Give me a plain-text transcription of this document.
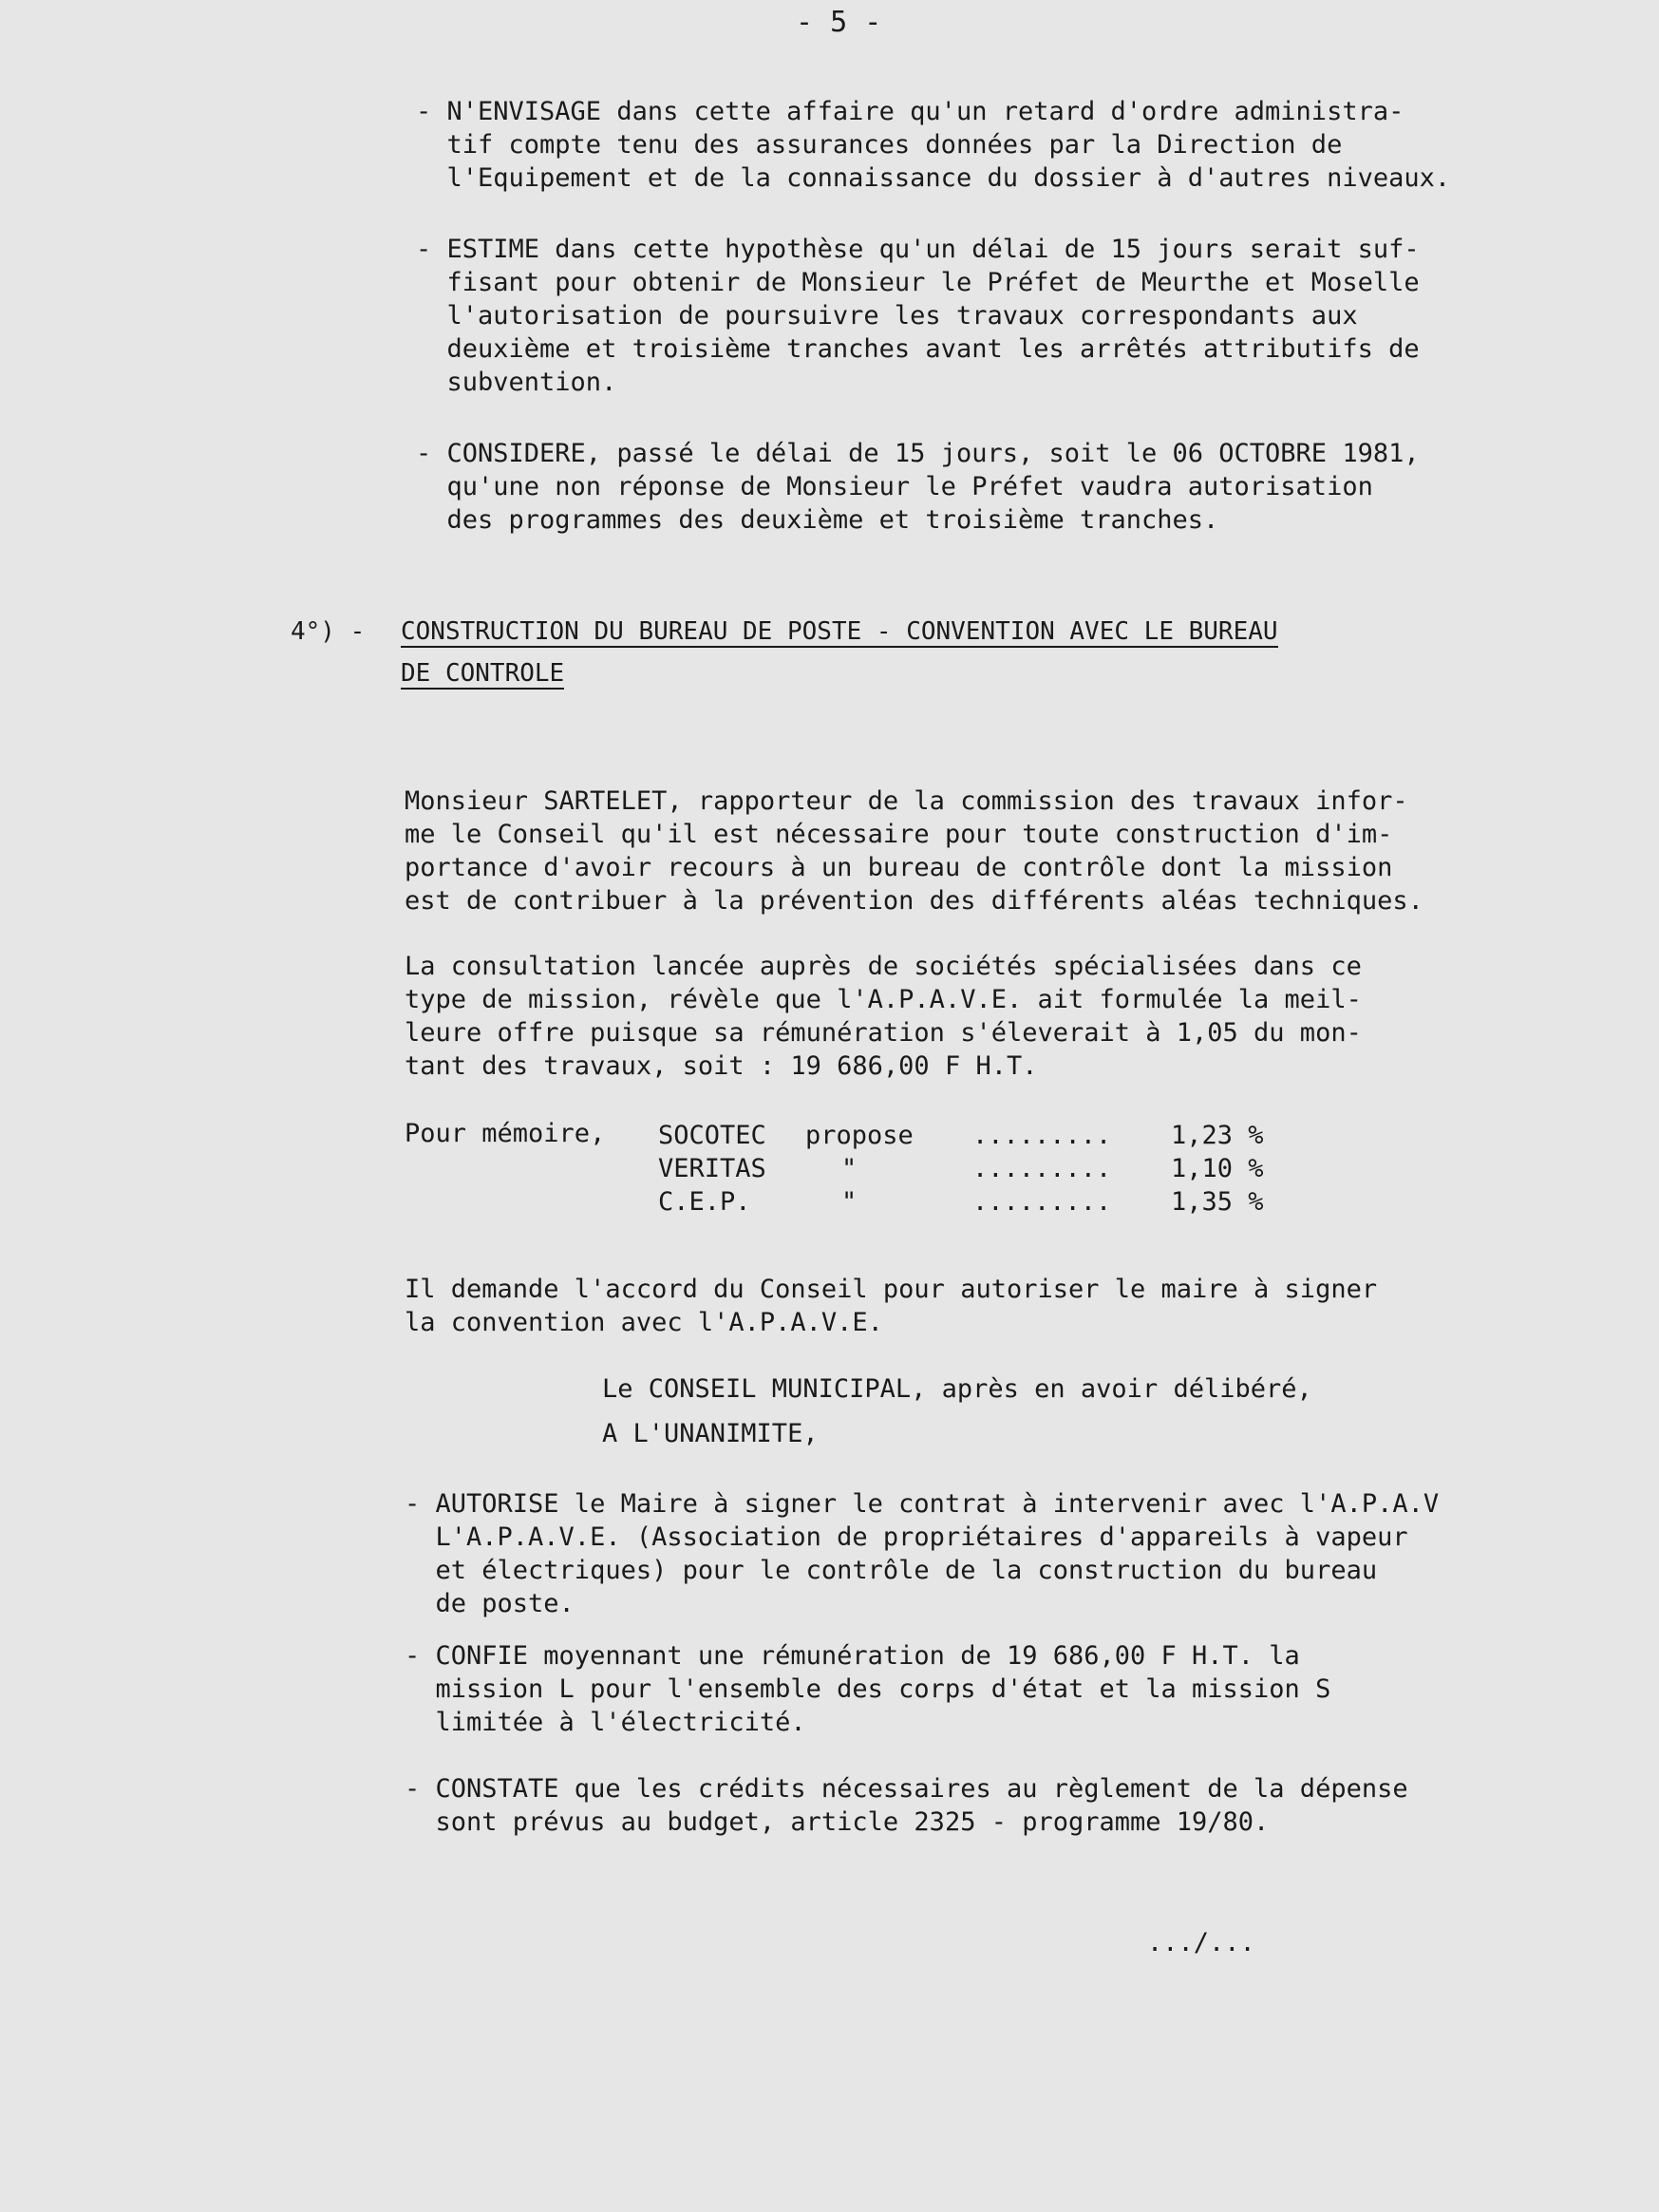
- 5 -
- N'ENVISAGE dans cette affaire qu'un retard d'ordre administra-
tif compte tenu des assurances données par la Direction de
l'Equipement et de la connaissance du dossier à d'autres niveaux.
- ESTIME dans cette hypothèse qu'un délai de 15 jours serait suf-
fisant pour obtenir de Monsieur le Préfet de Meurthe et Moselle
l'autorisation de poursuivre les travaux correspondants aux
deuxième et troisième tranches avant les arrêtés attributifs de
subvention.
- CONSIDERE, passé le délai de 15 jours, soit le 06 OCTOBRE 1981,
qu'une non réponse de Monsieur le Préfet vaudra autorisation
des programmes des deuxième et troisième tranches.
4°) - CONSTRUCTION DU BUREAU DE POSTE - CONVENTION AVEC LE BUREAU
DE CONTROLE
Monsieur SARTELET, rapporteur de la commission des travaux infor-
me le Conseil qu'il est nécessaire pour toute construction d'im-
portance d'avoir recours à un bureau de contrôle dont la mission
est de contribuer à la prévention des différents aléas techniques.
La consultation lancée auprès de sociétés spécialisées dans ce
type de mission, révèle que l'A.P.A.V.E. ait formulée la meil-
leure offre puisque sa rémunération s'éleverait à 1,05 du mon-
tant des travaux, soit : 19 686,00 F H.T.
Pour mémoire, SOCOTEC propose ......... 1,23 %
VERITAS	"	......... 1,10 %
C.E.P.	"	......... 1,35 %
Il demande l'accord du Conseil pour autoriser le maire à signer
la convention avec l'A.P.A.V.E.
Le CONSEIL MUNICIPAL, après en avoir délibéré,
A L'UNANIMITE,
- AUTORISE le Maire à signer le contrat à intervenir avec l'A.P.A.V
L'A.P.A.V.E. (Association de propriétaires d'appareils à vapeur
et électriques) pour le contrôle de la construction du bureau
de poste.
- CONFIE moyennant une rémunération de 19 686,00 F H.T. la
mission L pour l'ensemble des corps d'état et la mission S
limitée à l'électricité.
- CONSTATE que les crédits nécessaires au règlement de la dépense
sont prévus au budget, article 2325 - programme 19/80.
.../...
